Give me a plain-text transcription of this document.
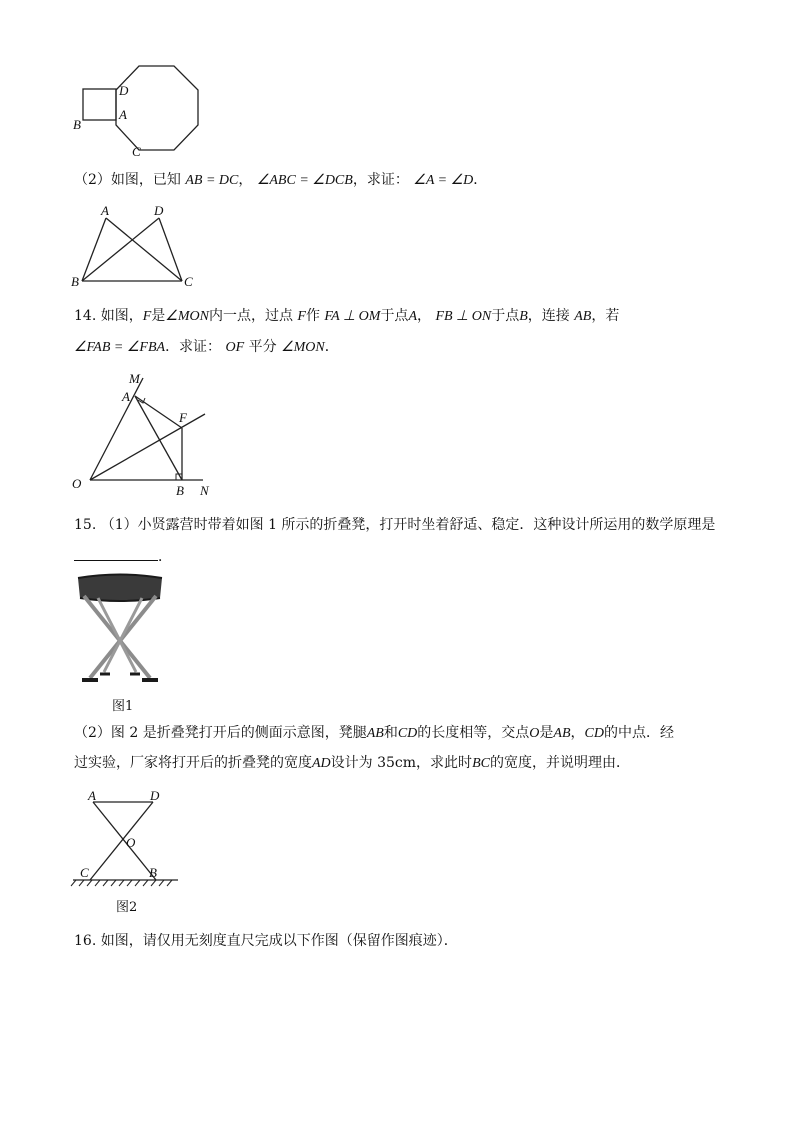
B
D
A
C
（2）如图，已知 AB = DC， ∠ABC = ∠DCB，求证： ∠A = ∠D．
A	D
B	C
14. 如图，F是∠MON内一点，过点 F作 FA ⊥ OM于点A， FB ⊥ ON于点B，连接 AB，若
∠FAB = ∠FBA．求证： OF 平分 ∠MON．
M
A
F
O	B N
15. （1）小贤露营时带着如图 1 所示的折叠凳，打开时坐着舒适、稳定．这种设计所运用的数学原理是
．
图1
（2）图 2 是折叠凳打开后的侧面示意图，凳腿AB和CD的长度相等，交点O是AB，CD的中点．经
过实验，厂家将打开后的折叠凳的宽度AD设计为 35cm，求此时BC的宽度，并说明理由．
A	D
O
C	B
图2
16. 如图，请仅用无刻度直尺完成以下作图（保留作图痕迹）．
